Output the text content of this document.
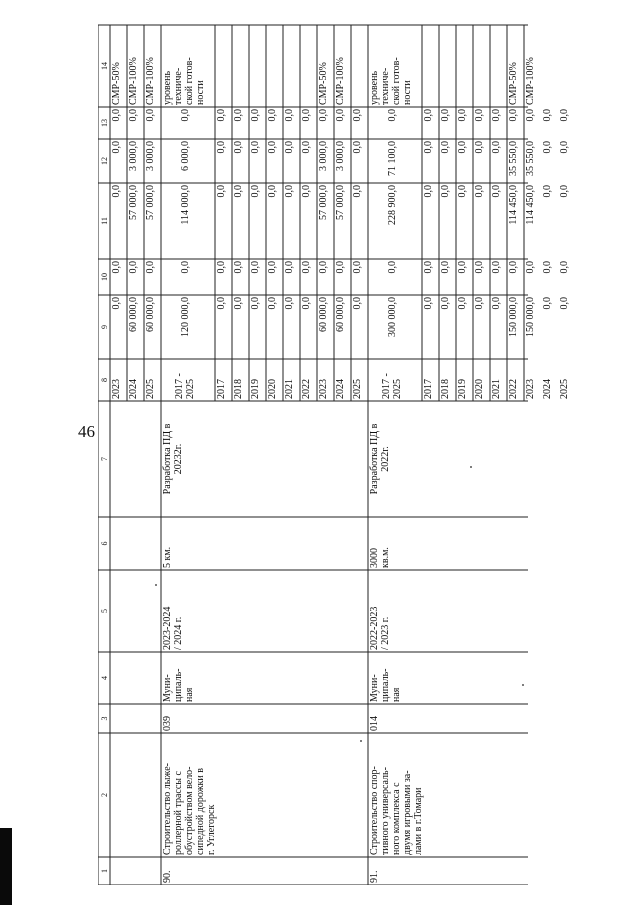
46
1
2
3
4
5
6
7
8
9
10
11
12
13
14
2023
0,0
0,0
0,0
0,0
0,0
СМР-50%
2024
60 000,0
0,0
57 000,0
3 000,0
0,0
СМР-100%
2025
60 000,0
0,0
57 000,0
3 000,0
0,0
СМР-100%
90.
Строительство лыже-
роллерной трассы с
обустройством вело-
сипедной дорожки в
г. Углегорск
039
Муни-
ципаль-
ная
2023-2024
/ 2024 г.
5 км.
Разработка ПД в
20232г.
2017 -
2025
120 000,0
0,0
114 000,0
6 000,0
0,0
уровень
техниче-
ской готов-
ности
2017
0,0
0,0
0,0
0,0
0,0
2018
0,0
0,0
0,0
0,0
0,0
2019
0,0
0,0
0,0
0,0
0,0
2020
0,0
0,0
0,0
0,0
0,0
2021
0,0
0,0
0,0
0,0
0,0
2022
0,0
0,0
0,0
0,0
0,0
2023
60 000,0
0,0
57 000,0
3 000,0
0,0
СМР-50%
2024
60 000,0
0,0
57 000,0
3 000,0
0,0
СМР-100%
2025
0,0
0,0
0,0
0,0
0,0
91.
Строительство спор-
тивного универсаль-
ного комплекса с
двумя игровыми за-
лами в г.Томари
014
Муни-
ципаль-
ная
2022-2023
/ 2023 г.
3000
кв.м.
Разработка ПД в
2022г.
2017 -
2025
300 000,0
0,0
228 900,0
71 100,0
0,0
уровень
техниче-
ской готов-
ности
2017
0,0
0,0
0,0
0,0
0,0
2018
0,0
0,0
0,0
0,0
0,0
2019
0,0
0,0
0,0
0,0
0,0
2020
0,0
0,0
0,0
0,0
0,0
2021
0,0
0,0
0,0
0,0
0,0
2022
150 000,0
0,0
114 450,0
35 550,0
0,0
СМР-50%
2023
150 000,0
0,0
114 450,0
35 550,0
0,0
СМР-100%
2024
0,0
0,0
0,0
0,0
0,0
2025
0,0
0,0
0,0
0,0
0,0
